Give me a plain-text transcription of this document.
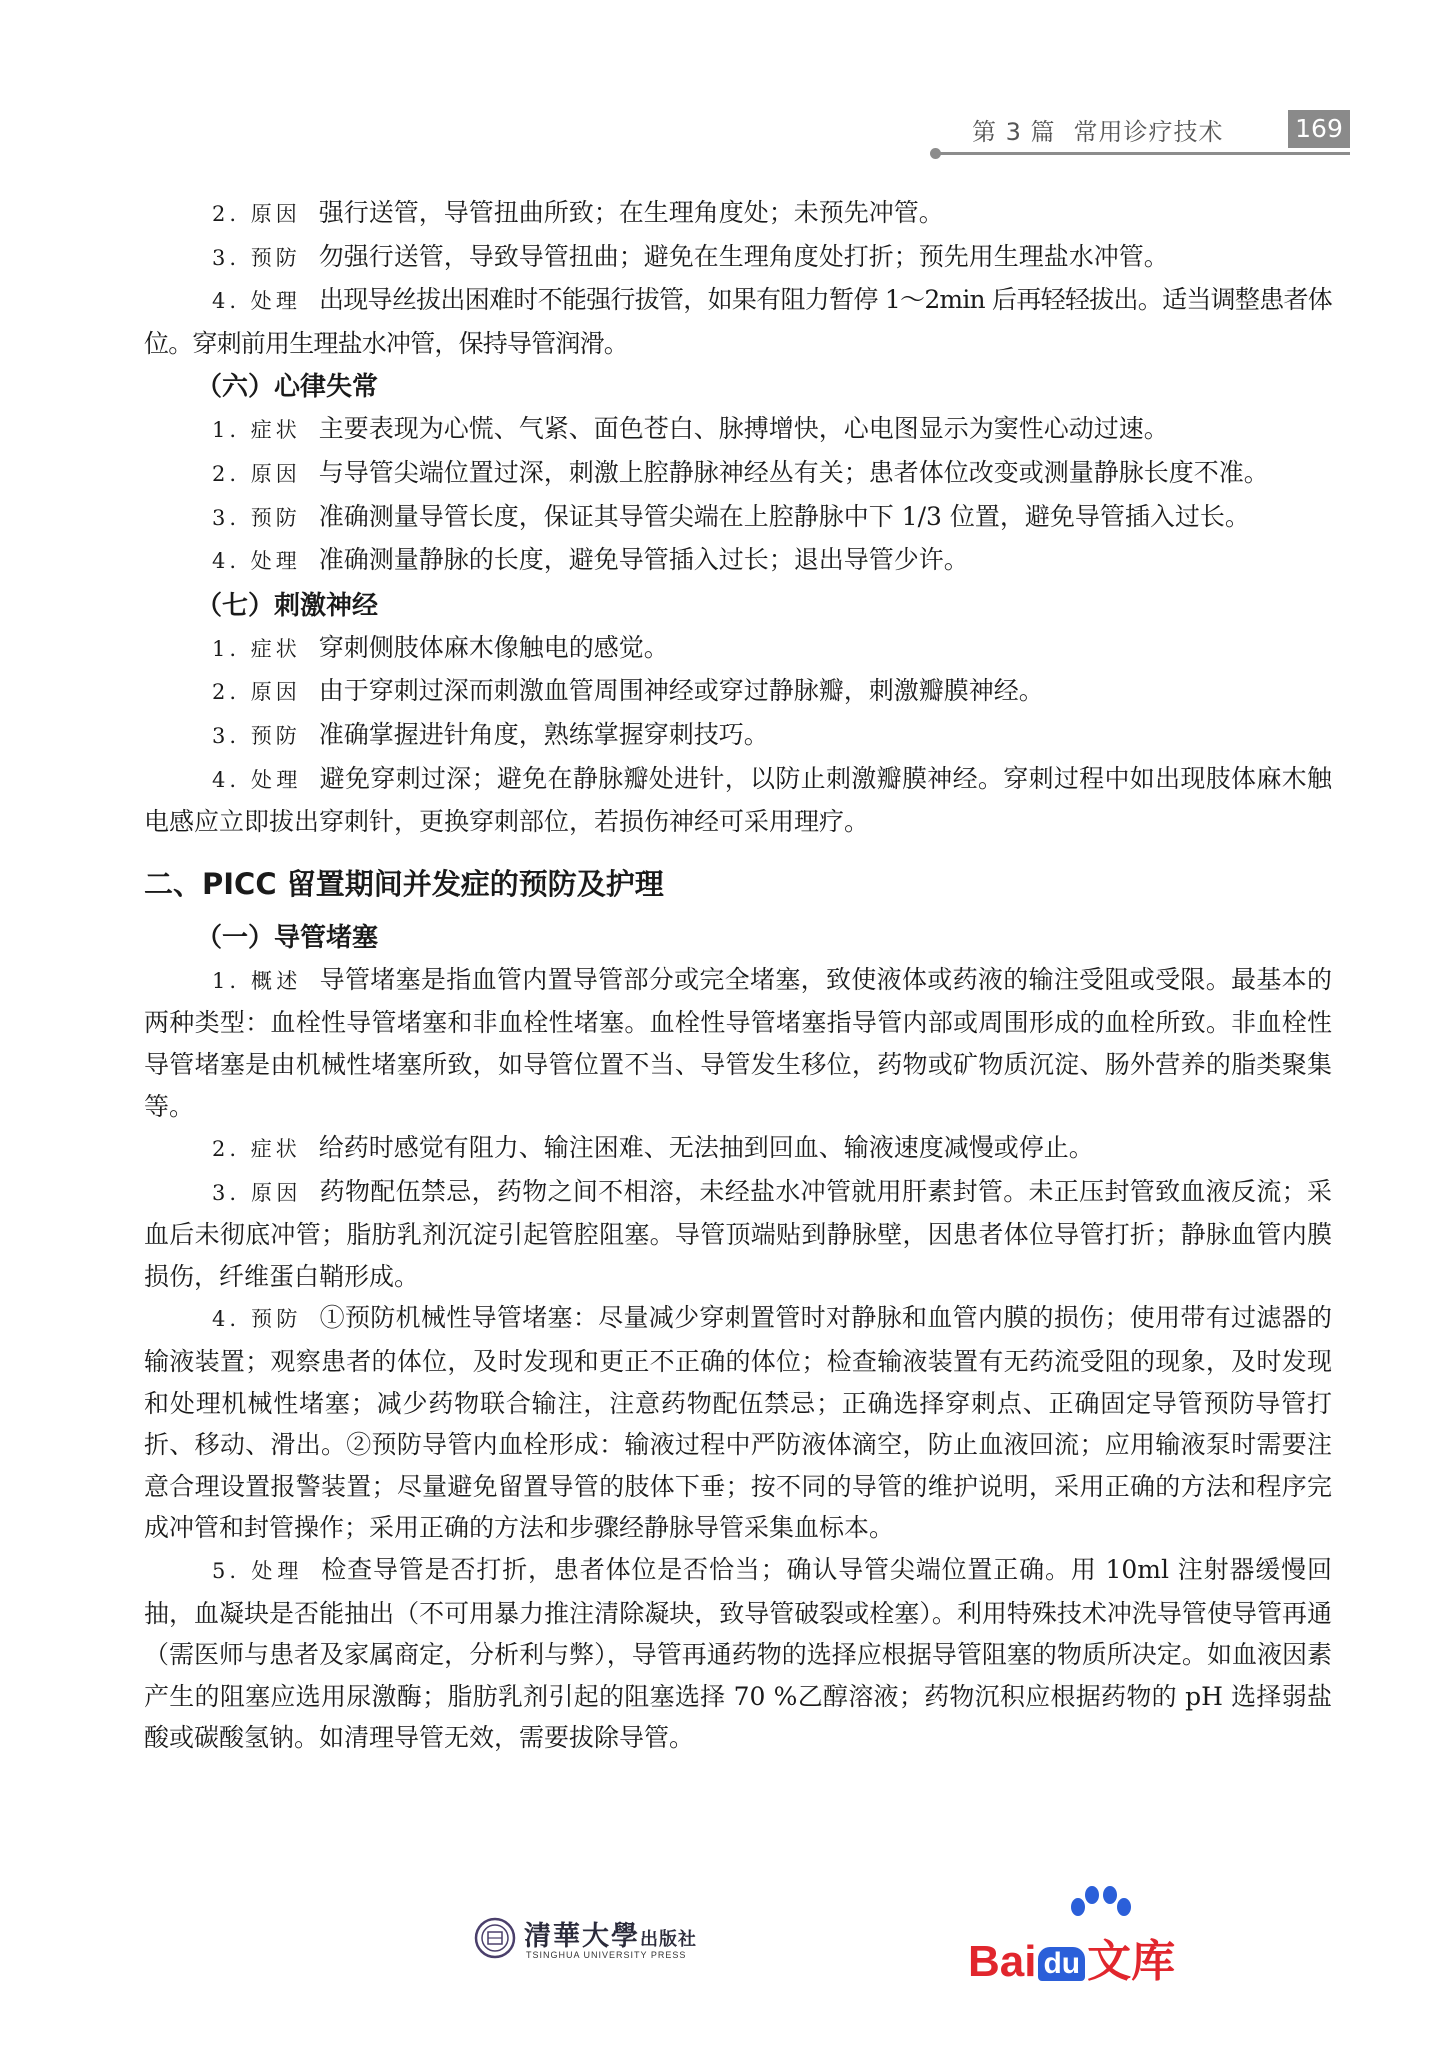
第 3 篇 常用诊疗技术	169

2. 原因 强行送管，导管扭曲所致；在生理角度处；未预先冲管。

3. 预防 勿强行送管，导致导管扭曲；避免在生理角度处打折；预先用生理盐水冲管。

4. 处理 出现导丝拔出困难时不能强行拔管，如果有阻力暂停 1～2min 后再轻轻拔出。适当调整患者体位。穿刺前用生理盐水冲管，保持导管润滑。

（六）心律失常

1. 症状 主要表现为心慌、气紧、面色苍白、脉搏增快，心电图显示为窦性心动过速。

2. 原因 与导管尖端位置过深，刺激上腔静脉神经丛有关；患者体位改变或测量静脉长度不准。

3. 预防 准确测量导管长度，保证其导管尖端在上腔静脉中下 1/3 位置，避免导管插入过长。

4. 处理 准确测量静脉的长度，避免导管插入过长；退出导管少许。

（七）刺激神经

1. 症状 穿刺侧肢体麻木像触电的感觉。

2. 原因 由于穿刺过深而刺激血管周围神经或穿过静脉瓣，刺激瓣膜神经。

3. 预防 准确掌握进针角度，熟练掌握穿刺技巧。

4. 处理 避免穿刺过深；避免在静脉瓣处进针，以防止刺激瓣膜神经。穿刺过程中如出现肢体麻木触电感应立即拔出穿刺针，更换穿刺部位，若损伤神经可采用理疗。

二、PICC 留置期间并发症的预防及护理
（一）导管堵塞

1. 概述 导管堵塞是指血管内置导管部分或完全堵塞，致使液体或药液的输注受阻或受限。最基本的两种类型：血栓性导管堵塞和非血栓性堵塞。血栓性导管堵塞指导管内部或周围形成的血栓所致。非血栓性导管堵塞是由机械性堵塞所致，如导管位置不当、导管发生移位，药物或矿物质沉淀、肠外营养的脂类聚集等。

2. 症状 给药时感觉有阻力、输注困难、无法抽到回血、输液速度减慢或停止。

3. 原因 药物配伍禁忌，药物之间不相溶，未经盐水冲管就用肝素封管。未正压封管致血液反流；采血后未彻底冲管；脂肪乳剂沉淀引起管腔阻塞。导管顶端贴到静脉壁，因患者体位导管打折；静脉血管内膜损伤，纤维蛋白鞘形成。

4. 预防 ①预防机械性导管堵塞：尽量减少穿刺置管时对静脉和血管内膜的损伤；使用带有过滤器的输液装置；观察患者的体位，及时发现和更正不正确的体位；检查输液装置有无药流受阻的现象，及时发现和处理机械性堵塞；减少药物联合输注，注意药物配伍禁忌；正确选择穿刺点、正确固定导管预防导管打折、移动、滑出。②预防导管内血栓形成：输液过程中严防液体滴空，防止血液回流；应用输液泵时需要注意合理设置报警装置；尽量避免留置导管的肢体下垂；按不同的导管的维护说明，采用正确的方法和程序完成冲管和封管操作；采用正确的方法和步骤经静脉导管采集血标本。

5. 处理 检查导管是否打折，患者体位是否恰当；确认导管尖端位置正确。用 10ml 注射器缓慢回抽，血凝块是否能抽出（不可用暴力推注清除凝块，致导管破裂或栓塞）。利用特殊技术冲洗导管使导管再通（需医师与患者及家属商定，分析利与弊），导管再通药物的选择应根据导管阻塞的物质所决定。如血液因素产生的阻塞应选用尿激酶；脂肪乳剂引起的阻塞选择 70 %乙醇溶液；药物沉积应根据药物的 pH 选择弱盐酸或碳酸氢钠。如清理导管无效，需要拔除导管。

清華大學出版社
TSINGHUA UNIVERSITY PRESS	Bai du 文库
